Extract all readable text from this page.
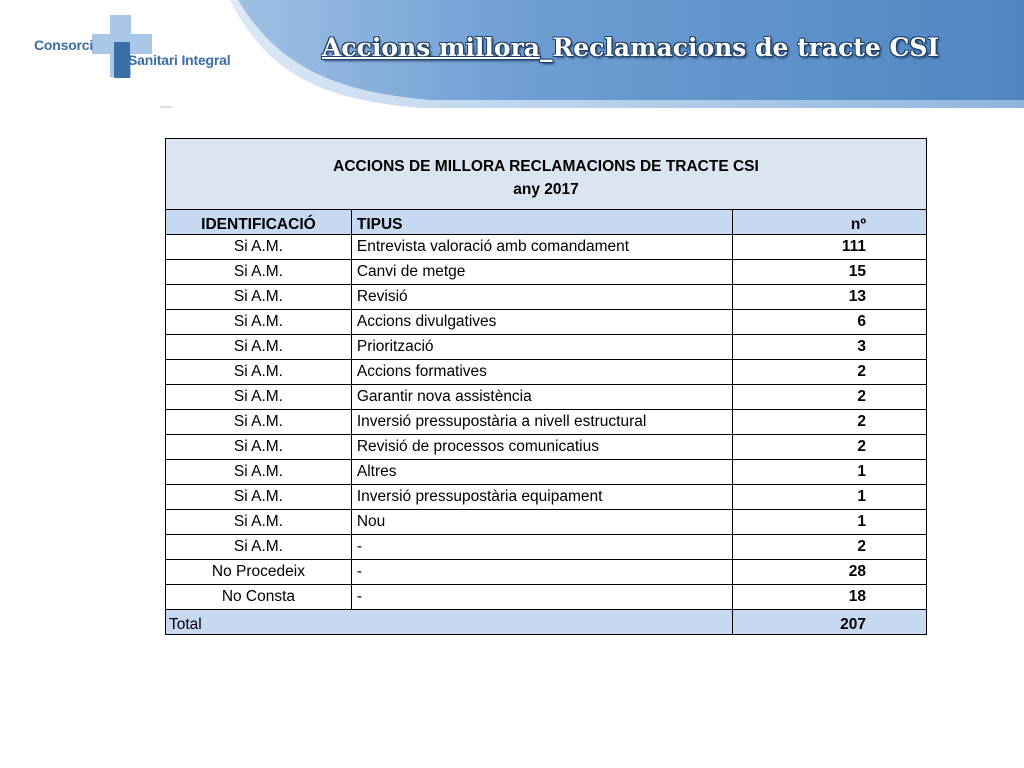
Consorci
Sanitari Integral	Accions millora_Reclamacions de tracte CSI
ACCIONS DE MILLORA RECLAMACIONS DE TRACTE CSI
any 2017		

IDENTIFICACIÓ	TIPUS	nº
Si A.M.	Entrevista valoració amb comandament	111
Si A.M.	Canvi de metge	15
Si A.M.	Revisió	13
Si A.M.	Accions divulgatives	6
Si A.M.	Priorització	3
Si A.M.	Accions formatives	2
Si A.M.	Garantir nova assistència	2
Si A.M.	Inversió pressupostària a nivell estructural	2
Si A.M.	Revisió de processos comunicatius	2
Si A.M.	Altres	1
Si A.M.	Inversió pressupostària equipament	1
Si A.M.	Nou	1
Si A.M.	-	2
No Procedeix	-	28
No Consta	-	18
Total		207
